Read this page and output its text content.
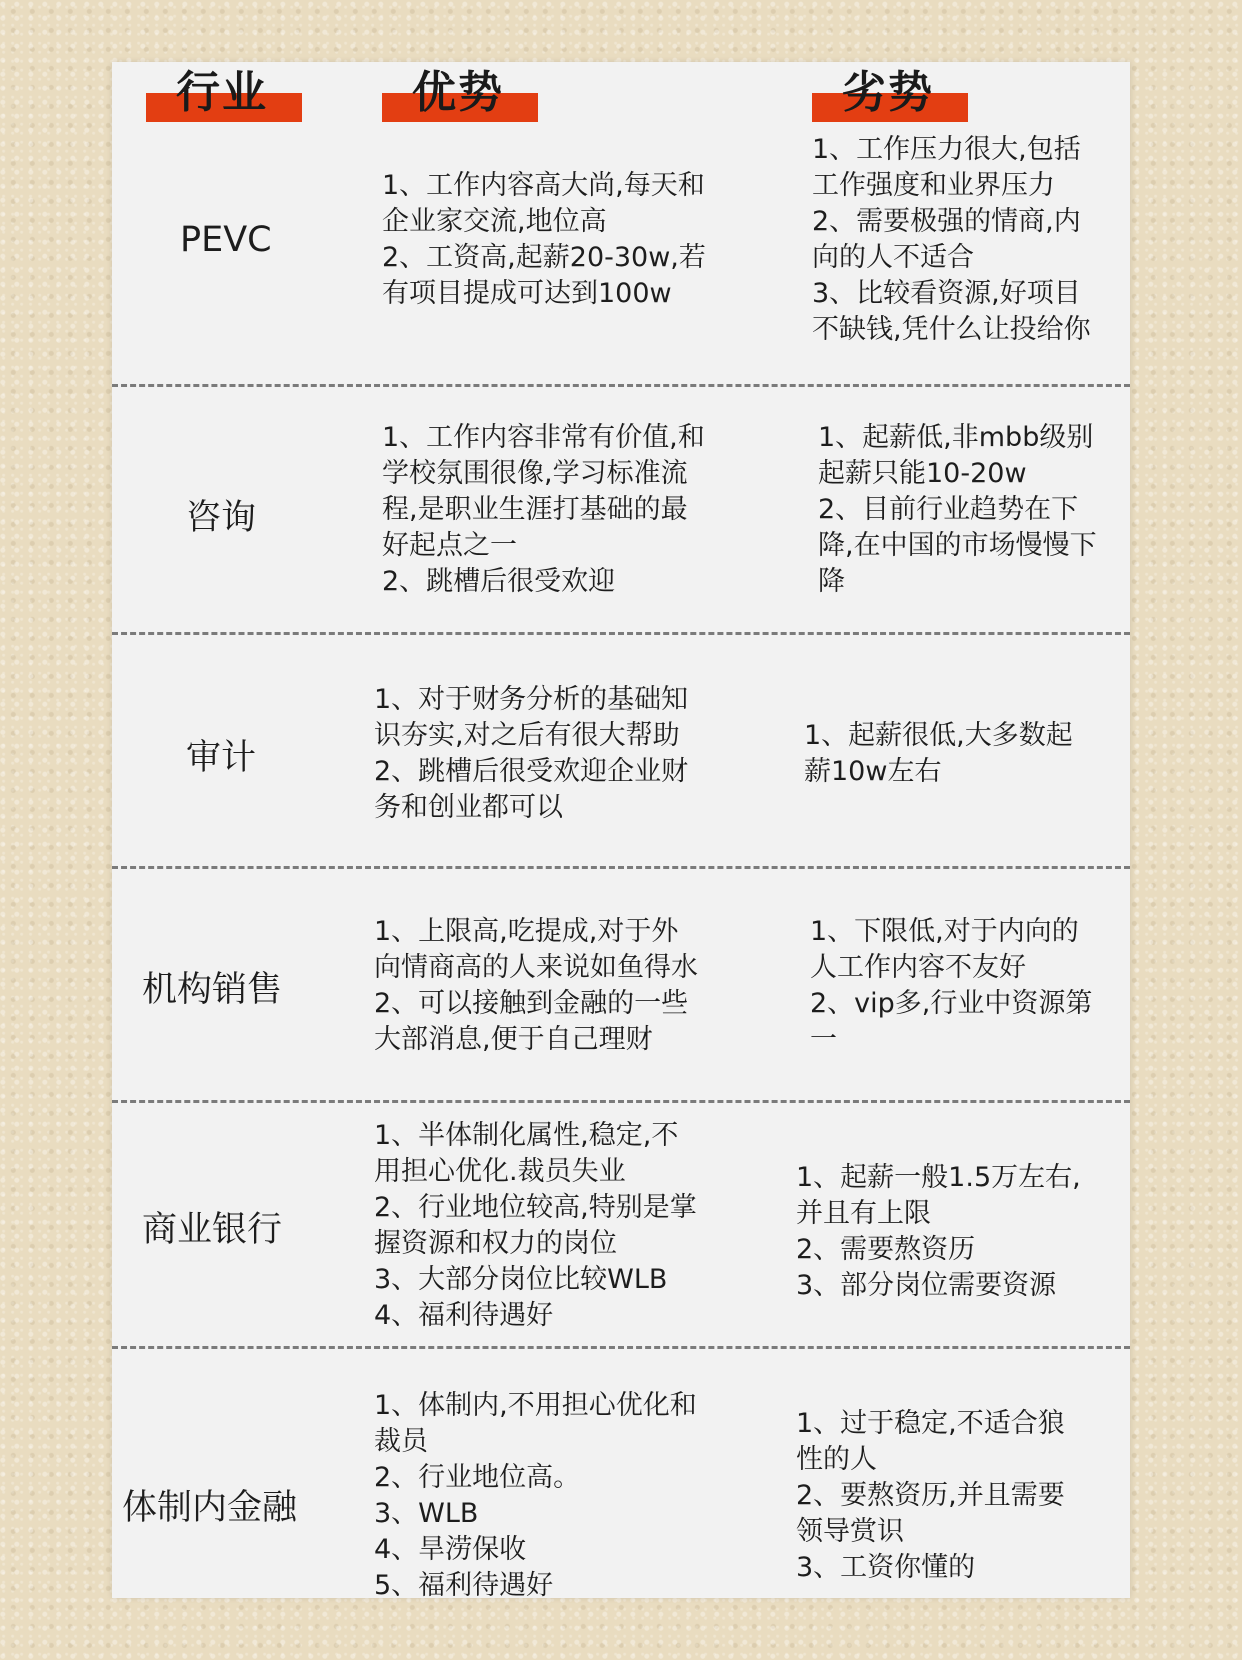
行业	优势	劣势
PEVC
1、工作内容高大尚,每天和
企业家交流,地位高
2、工资高,起薪20-30w,若
有项目提成可达到100w
1、工作压力很大,包括
工作强度和业界压力
2、需要极强的情商,内
向的人不适合
3、比较看资源,好项目
不缺钱,凭什么让投给你
咨询
1、工作内容非常有价值,和
学校氛围很像,学习标准流
程,是职业生涯打基础的最
好起点之一
2、跳槽后很受欢迎
1、起薪低,非mbb级别
起薪只能10-20w
2、目前行业趋势在下
降,在中国的市场慢慢下
降
审计
1、对于财务分析的基础知
识夯实,对之后有很大帮助
2、跳槽后很受欢迎企业财
务和创业都可以
1、起薪很低,大多数起
薪10w左右
机构销售
1、上限高,吃提成,对于外
向情商高的人来说如鱼得水
2、可以接触到金融的一些
大部消息,便于自己理财
1、下限低,对于内向的
人工作内容不友好
2、vip多,行业中资源第
一
商业银行
1、半体制化属性,稳定,不
用担心优化.裁员失业
2、行业地位较高,特别是掌
握资源和权力的岗位
3、大部分岗位比较WLB
4、福利待遇好
1、起薪一般1.5万左右,
并且有上限
2、需要熬资历
3、部分岗位需要资源
体制内金融
1、体制内,不用担心优化和
裁员
2、行业地位高。
3、WLB
4、旱涝保收
5、福利待遇好
1、过于稳定,不适合狼
性的人
2、要熬资历,并且需要
领导赏识
3、工资你懂的
